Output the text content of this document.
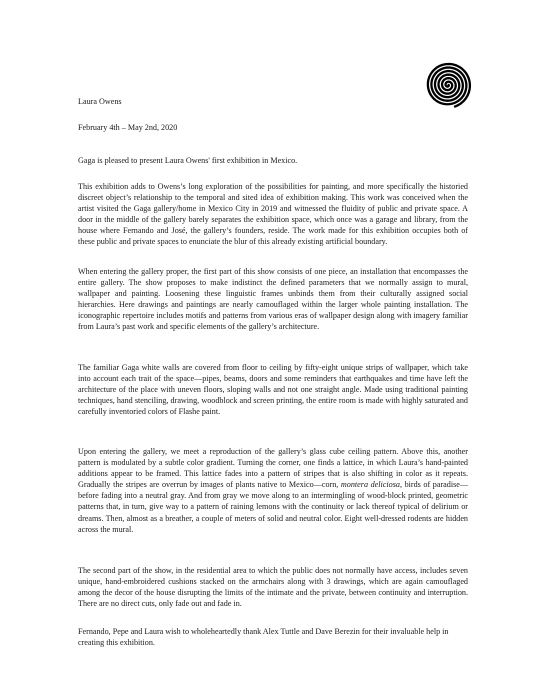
Laura Owens

February 4th – May 2nd, 2020

Gaga is pleased to present Laura Owens' first exhibition in Mexico.

This exhibition adds to Owens’s long exploration of the possibilities for painting, and more specifically the historied discreet object’s relationship to the temporal and sited idea of exhibition making. This work was conceived when the artist visited the Gaga gallery/home in Mexico City in 2019 and witnessed the fluidity of public and private space. A door in the middle of the gallery barely separates the exhibition space, which once was a garage and library, from the house where Fernando and José, the gallery’s founders, reside. The work made for this exhibition occupies both of these public and private spaces to enunciate the blur of this already existing artificial boundary.

When entering the gallery proper, the first part of this show consists of one piece, an installation that encompasses the entire gallery. The show proposes to make indistinct the defined parameters that we normally assign to mural, wallpaper and painting. Loosening these linguistic frames unbinds them from their culturally assigned social hierarchies. Here drawings and paintings are nearly camouflaged within the larger whole painting installation. The iconographic repertoire includes motifs and patterns from various eras of wallpaper design along with imagery familiar from Laura’s past work and specific elements of the gallery’s architecture.

The familiar Gaga white walls are covered from floor to ceiling by fifty-eight unique strips of wallpaper, which take into account each trait of the space—pipes, beams, doors and some reminders that earthquakes and time have left the architecture of the place with uneven floors, sloping walls and not one straight angle. Made using traditional painting techniques, hand stenciling, drawing, woodblock and screen printing, the entire room is made with highly saturated and carefully inventoried colors of Flashe paint.

Upon entering the gallery, we meet a reproduction of the gallery’s glass cube ceiling pattern. Above this, another pattern is modulated by a subtle color gradient. Turning the corner, one finds a lattice, in which Laura’s hand-painted additions appear to be framed. This lattice fades into a pattern of stripes that is also shifting in color as it repeats. Gradually the stripes are overrun by images of plants native to Mexico—corn, montera deliciosa, birds of paradise— before fading into a neutral gray. And from gray we move along to an intermingling of wood-block printed, geometric patterns that, in turn, give way to a pattern of raining lemons with the continuity or lack thereof typical of delirium or dreams. Then, almost as a breather, a couple of meters of solid and neutral color. Eight well-dressed rodents are hidden across the mural.

The second part of the show, in the residential area to which the public does not normally have access, includes seven unique, hand-embroidered cushions stacked on the armchairs along with 3 drawings, which are again camouflaged among the decor of the house disrupting the limits of the intimate and the private, between continuity and interruption. There are no direct cuts, only fade out and fade in.

Fernando, Pepe and Laura wish to wholeheartedly thank Alex Tuttle and Dave Berezin for their invaluable help in creating this exhibition.
